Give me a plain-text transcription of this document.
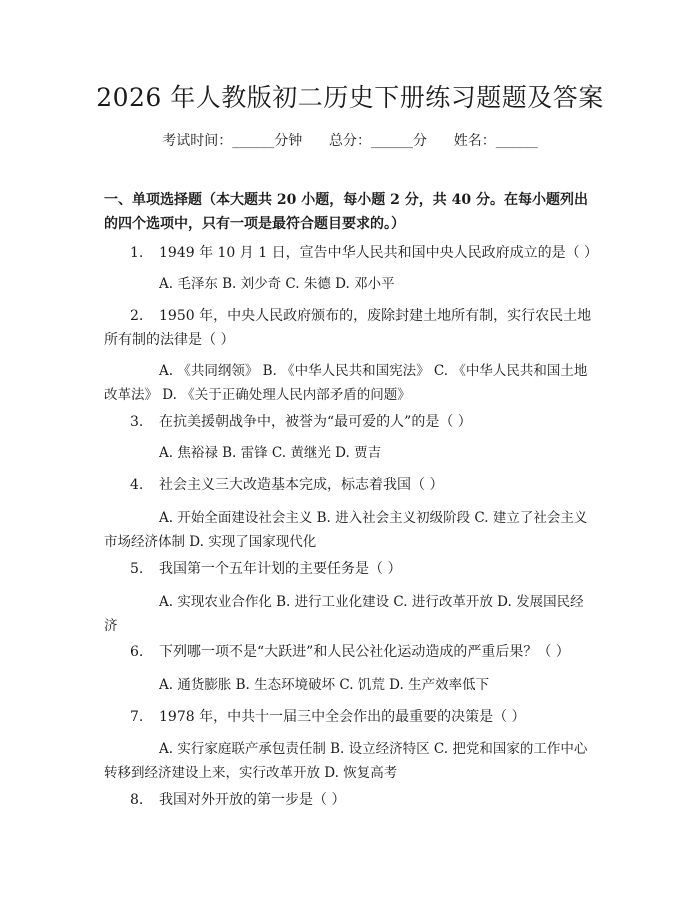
2026 年人教版初二历史下册练习题题及答案
考试时间：______分钟      总分：______分      姓名：______
一、单项选择题（本大题共 20 小题，每小题 2 分，共 40 分。在每小题列出的四个选项中，只有一项是最符合题目要求的。）
1.	1949 年 10 月 1 日，宣告中华人民共和国中央人民政府成立的是（ ）
A. 毛泽东 B. 刘少奇 C. 朱德 D. 邓小平
2.	1950 年，中央人民政府颁布的，废除封建土地所有制，实行农民土地所有制的法律是（ ）
A. 《共同纲领》 B. 《中华人民共和国宪法》 C. 《中华人民共和国土地改革法》 D. 《关于正确处理人民内部矛盾的问题》
3.	在抗美援朝战争中，被誉为“最可爱的人”的是（ ）
A. 焦裕禄 B. 雷锋 C. 黄继光 D. 贾吉
4.	社会主义三大改造基本完成，标志着我国（ ）
A. 开始全面建设社会主义 B. 进入社会主义初级阶段 C. 建立了社会主义市场经济体制 D. 实现了国家现代化
5.	我国第一个五年计划的主要任务是（ ）
A. 实现农业合作化 B. 进行工业化建设 C. 进行改革开放 D. 发展国民经济
6.	下列哪一项不是“大跃进”和人民公社化运动造成的严重后果？（ ）
A. 通货膨胀 B. 生态环境破坏 C. 饥荒 D. 生产效率低下
7.	1978 年，中共十一届三中全会作出的最重要的决策是（ ）
A. 实行家庭联产承包责任制 B. 设立经济特区 C. 把党和国家的工作中心转移到经济建设上来，实行改革开放 D. 恢复高考
8.	我国对外开放的第一步是（ ）
